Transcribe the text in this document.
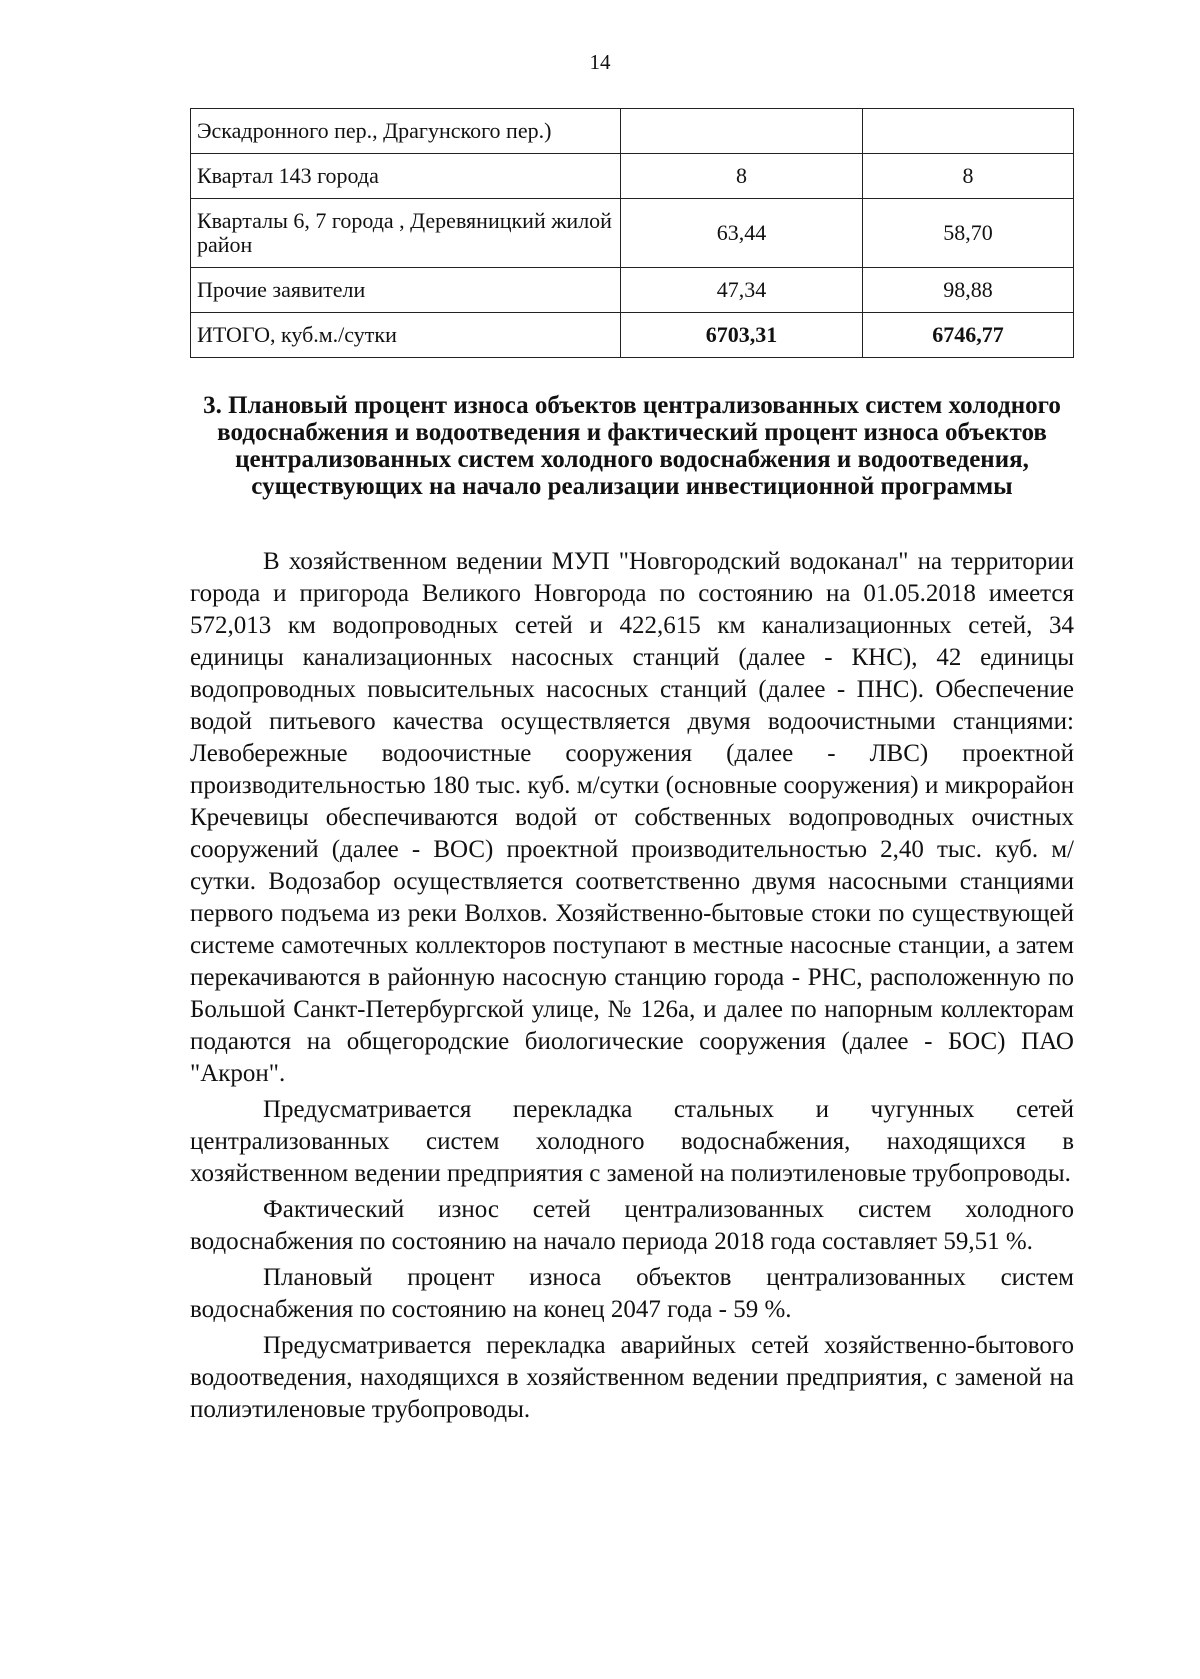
14
Эскадронного пер., Драгунского пер.)		
Квартал 143 города	8	8
Кварталы 6, 7 города , Деревяницкий жилой район	63,44	58,70
Прочие заявители	47,34	98,88
ИТОГО, куб.м./сутки	6703,31	6746,77
3. Плановый процент износа объектов централизованных систем холодного водоснабжения и водоотведения и фактический процент износа объектов централизованных систем холодного водоснабжения и водоотведения, существующих на начало реализации инвестиционной программы

В хозяйственном ведении МУП "Новгородский водоканал" на территории города и пригорода Великого Новгорода по состоянию на 01.05.2018 имеется 572,013 км водопроводных сетей и 422,615 км канализационных сетей, 34 единицы канализационных насосных станций (далее - КНС), 42 единицы водопроводных повысительных насосных станций (далее - ПНС). Обеспечение водой питьевого качества осуществляется двумя водоочистными станциями: Левобережные водоочистные сооружения (далее - ЛВС) проектной производительностью 180 тыс. куб. м/сутки (основные сооружения) и микрорайон Кречевицы обеспечиваются водой от собственных водопроводных очистных сооружений (далее - ВОС) проектной производительностью 2,40 тыс. куб. м/сутки. Водозабор осуществляется соответственно двумя насосными станциями первого подъема из реки Волхов. Хозяйственно-бытовые стоки по существующей системе самотечных коллекторов поступают в местные насосные станции, а затем перекачиваются в районную насосную станцию города - РНС, расположенную по Большой Санкт-Петербургской улице, № 126а, и далее по напорным коллекторам подаются на общегородские биологические сооружения (далее - БОС) ПАО "Акрон".

Предусматривается перекладка стальных и чугунных сетей централизованных систем холодного водоснабжения, находящихся в хозяйственном ведении предприятия с заменой на полиэтиленовые трубопроводы.

Фактический износ сетей централизованных систем холодного водоснабжения по состоянию на начало периода 2018 года составляет 59,51 %.

Плановый процент износа объектов централизованных систем водоснабжения по состоянию на конец 2047 года - 59 %.

Предусматривается перекладка аварийных сетей хозяйственно-бытового водоотведения, находящихся в хозяйственном ведении предприятия, с заменой на полиэтиленовые трубопроводы.
